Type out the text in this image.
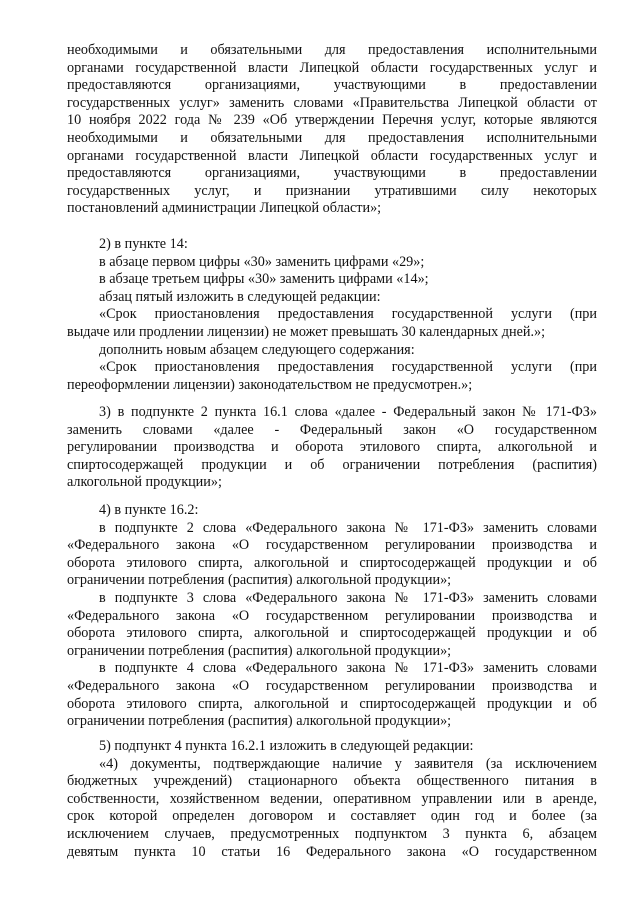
необходимыми и обязательными для предоставления исполнительными
органами государственной власти Липецкой области государственных услуг и
предоставляются организациями, участвующими в предоставлении
государственных услуг» заменить словами «Правительства Липецкой области от
10 ноября 2022 года № 239 «Об утверждении Перечня услуг, которые являются
необходимыми и обязательными для предоставления исполнительными
органами государственной власти Липецкой области государственных услуг и
предоставляются организациями, участвующими в предоставлении
государственных услуг, и признании утратившими силу некоторых
постановлений администрации Липецкой области»;
2) в пункте 14:
в абзаце первом цифры «30» заменить цифрами «29»;
в абзаце третьем цифры «30» заменить цифрами «14»;
абзац пятый изложить в следующей редакции:
«Срок приостановления предоставления государственной услуги (при
выдаче или продлении лицензии) не может превышать 30 календарных дней.»;
дополнить новым абзацем следующего содержания:
«Срок приостановления предоставления государственной услуги (при
переоформлении лицензии) законодательством не предусмотрен.»;
3) в подпункте 2 пункта 16.1 слова «далее - Федеральный закон № 171-ФЗ»
заменить словами «далее - Федеральный закон «О государственном
регулировании производства и оборота этилового спирта, алкогольной и
спиртосодержащей продукции и об ограничении потребления (распития)
алкогольной продукции»;
4) в пункте 16.2:
в подпункте 2 слова «Федерального закона № 171-ФЗ» заменить словами
«Федерального закона «О государственном регулировании производства и
оборота этилового спирта, алкогольной и спиртосодержащей продукции и об
ограничении потребления (распития) алкогольной продукции»;
в подпункте 3 слова «Федерального закона № 171-ФЗ» заменить словами
«Федерального закона «О государственном регулировании производства и
оборота этилового спирта, алкогольной и спиртосодержащей продукции и об
ограничении потребления (распития) алкогольной продукции»;
в подпункте 4 слова «Федерального закона № 171-ФЗ» заменить словами
«Федерального закона «О государственном регулировании производства и
оборота этилового спирта, алкогольной и спиртосодержащей продукции и об
ограничении потребления (распития) алкогольной продукции»;
5) подпункт 4 пункта 16.2.1 изложить в следующей редакции:
«4) документы, подтверждающие наличие у заявителя (за исключением
бюджетных учреждений) стационарного объекта общественного питания в
собственности, хозяйственном ведении, оперативном управлении или в аренде,
срок которой определен договором и составляет один год и более (за
исключением случаев, предусмотренных подпунктом 3 пункта 6, абзацем
девятым пункта 10 статьи 16 Федерального закона «О государственном
